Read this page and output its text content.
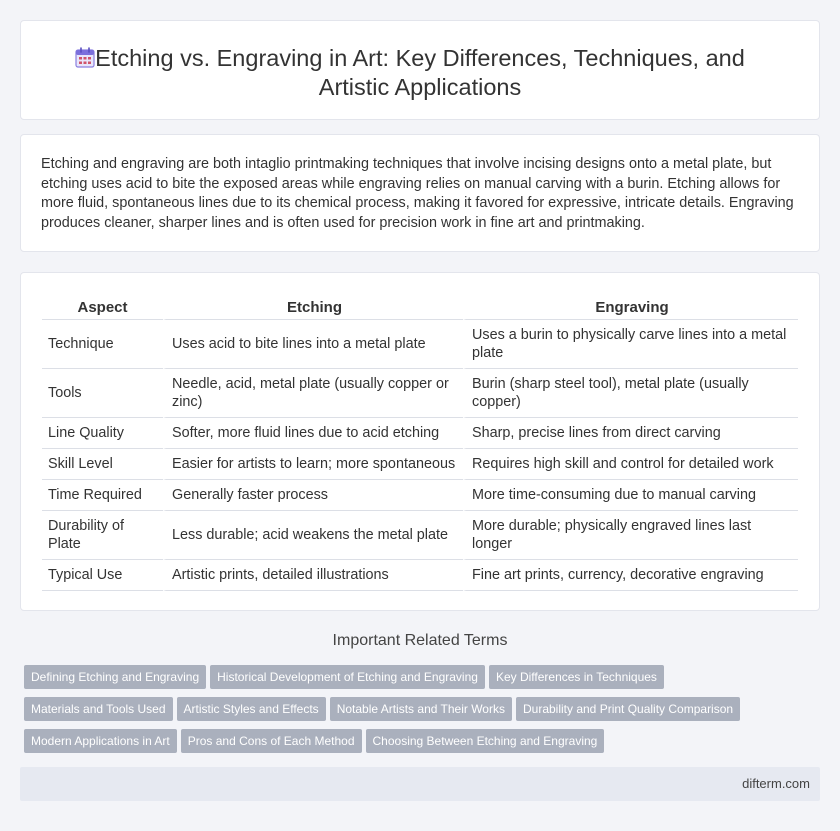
Etching vs. Engraving in Art: Key Differences, Techniques, and Artistic Applications

Etching and engraving are both intaglio printmaking techniques that involve incising designs onto a metal plate, but etching uses acid to bite the exposed areas while engraving relies on manual carving with a burin. Etching allows for more fluid, spontaneous lines due to its chemical process, making it favored for expressive, intricate details. Engraving produces cleaner, sharper lines and is often used for precision work in fine art and printmaking.

Aspect	Etching	Engraving
Technique	Uses acid to bite lines into a metal plate	Uses a burin to physically carve lines into a metal plate
Tools	Needle, acid, metal plate (usually copper or zinc)	Burin (sharp steel tool), metal plate (usually copper)
Line Quality	Softer, more fluid lines due to acid etching	Sharp, precise lines from direct carving
Skill Level	Easier for artists to learn; more spontaneous	Requires high skill and control for detailed work
Time Required	Generally faster process	More time-consuming due to manual carving
Durability of Plate	Less durable; acid weakens the metal plate	More durable; physically engraved lines last longer
Typical Use	Artistic prints, detailed illustrations	Fine art prints, currency, decorative engraving
Important Related Terms
Defining Etching and Engraving Historical Development of Etching and Engraving Key Differences in Techniques
Materials and Tools Used Artistic Styles and Effects Notable Artists and Their Works Durability and Print Quality Comparison
Modern Applications in Art Pros and Cons of Each Method Choosing Between Etching and Engraving
difterm.com
